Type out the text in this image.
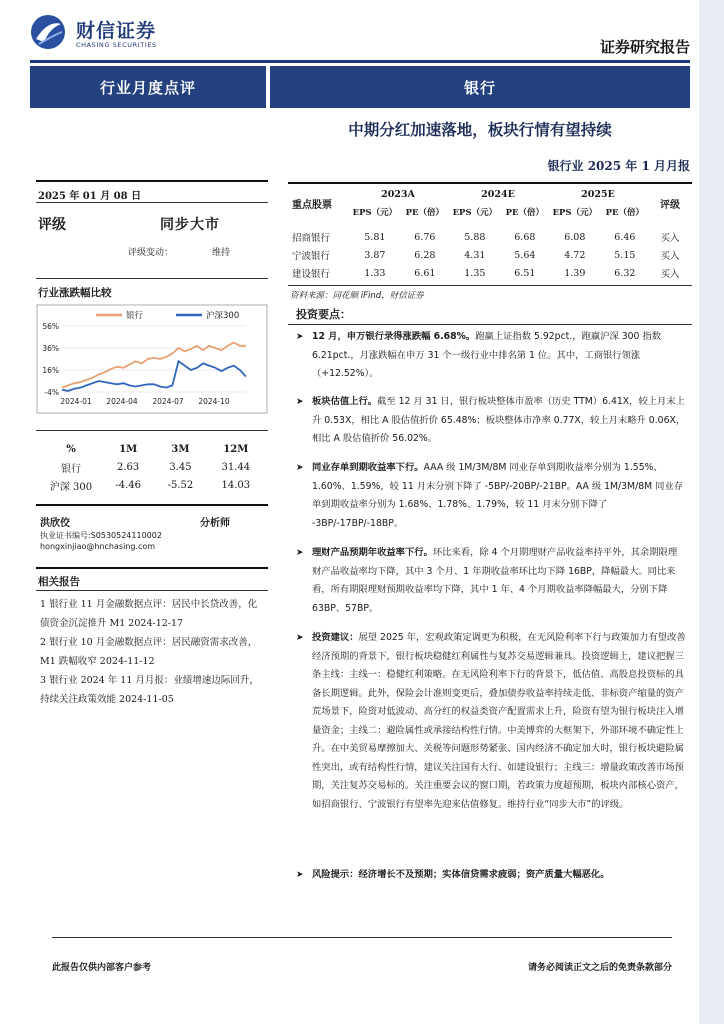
财信证券
CHASING SECURITIES	证券研究报告
行业月度点评	银行
中期分红加速落地，板块行情有望持续
银行业 2025 年 1 月月报
2025 年 01 月 08 日
评级	同步大市
评级变动：	维持
行业涨跌幅比较
56%
36%
16%
-4%
2024-01 2024-04 2024-07 2024-10
银行	沪深300
%	1M	3M	12M
银行	2.63	3.45	31.44
沪深 300	-4.46	-5.52	14.03
洪欣佼	分析师
执业证书编号:S0530524110002
hongxinjiao@hnchasing.com
相关报告
1 银行业 11 月金融数据点评：居民中长贷改善，化债资金沉淀推升 M1 2024-12-17
2 银行业 10 月金融数据点评：居民融资需求改善，M1 跌幅收窄 2024-11-12
3 银行业 2024 年 11 月月报：业绩增速边际回升，持续关注政策效能 2024-11-05
重点股票	2023A		2024E		2025E		评级
	EPS（元）	PE（倍）	EPS（元）	PE（倍）	EPS（元）	PE（倍）	

招商银行	5.81	6.76	5.88	6.68	6.08	6.46	买入
宁波银行	3.87	6.28	4.31	5.64	4.72	5.15	买入
建设银行	1.33	6.61	1.35	6.51	1.39	6.32	买入
资料来源：同花顺 iFind，财信证券
投资要点：
➤ 12 月，申万银行录得涨跌幅 6.68%。跑赢上证指数 5.92pct.，跑赢沪深 300 指数 6.21pct.，月涨跌幅在申万 31 个一级行业中排名第 1 位。其中，工商银行领涨（+12.52%）。
➤ 板块估值上行。截至 12 月 31 日，银行板块整体市盈率（历史 TTM）6.41X，较上月末上升 0.53X，相比 A 股估值折价 65.48%；板块整体市净率 0.77X，较上月末略升 0.06X，相比 A 股估值折价 56.02%。
➤ 同业存单到期收益率下行。AAA 级 1M/3M/8M 同业存单到期收益率分别为 1.55%、1.60%、1.59%，较 11 月末分别下降了 -5BP/-20BP/-21BP。AA 级 1M/3M/8M 同业存单到期收益率分别为 1.68%、1.78%、1.79%，较 11 月末分别下降了 -3BP/-17BP/-18BP。
➤ 理财产品预期年收益率下行。环比来看，除 4 个月期理财产品收益率持平外，其余期限理财产品收益率均下降，其中 3 个月、1 年期收益率环比均下降 16BP，降幅最大。同比来看，所有期限理财预期收益率均下降，其中 1 年、4 个月期收益率降幅最大，分别下降 63BP、57BP。
➤ 投资建议：展望 2025 年，宏观政策定调更为积极，在无风险利率下行与政策加力有望改善经济预期的背景下，银行板块稳健红利属性与复苏交易逻辑兼具。投资逻辑上，建议把握三条主线：主线一：稳健红利策略。在无风险利率下行的背景下，低估值、高股息投资标的具备长期逻辑。此外，保险会计准则变更后，叠加债券收益率持续走低、非标资产缩量的资产荒场景下，险资对低波动、高分红的权益类资产配置需求上升，险资有望为银行板块注入增量资金；主线二：避险属性或承接结构性行情。中美博弈的大框架下，外部环境不确定性上升。在中美贸易摩擦加大、关税等问题形势紧张、国内经济不确定加大时，银行板块避险属性突出，或有结构性行情，建议关注国有大行、如建设银行；主线三：增量政策改善市场预期，关注复苏交易标的。关注重要会议的窗口期，若政策力度超预期，板块内部核心资产，如招商银行、宁波银行有望率先迎来估值修复。维持行业“同步大市”的评级。
➤ 风险提示：经济增长不及预期；实体信贷需求疲弱；资产质量大幅恶化。
此报告仅供内部客户参考	请务必阅读正文之后的免责条款部分
